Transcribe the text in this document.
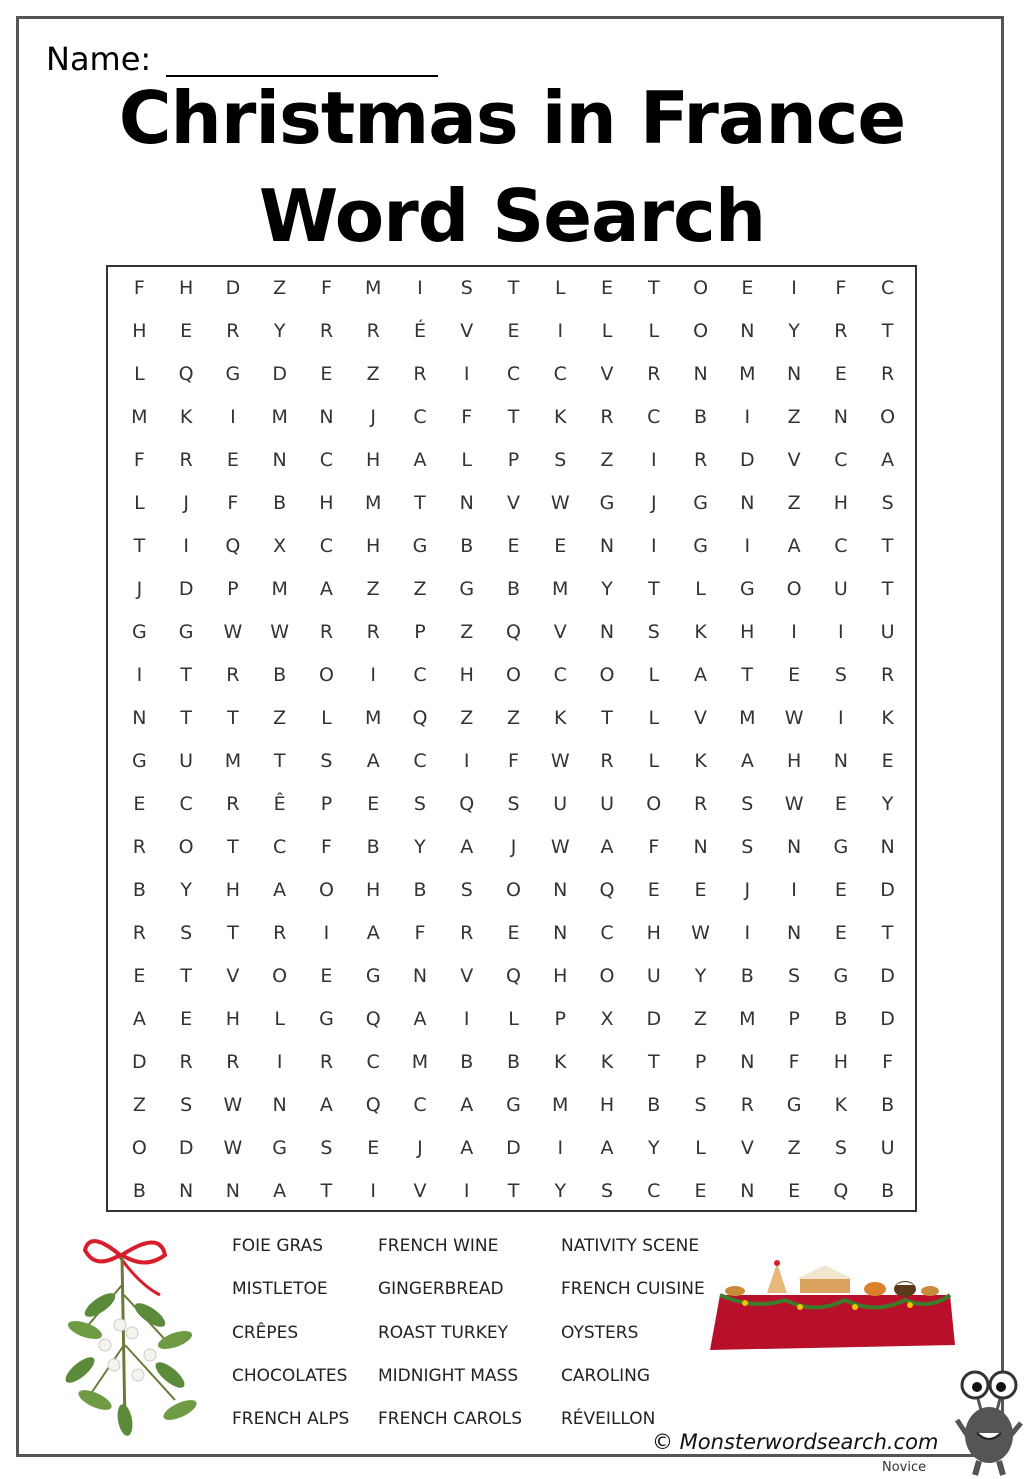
Name:
Christmas in France
Word Search
F	H	D	Z	F	M	I	S	T	L	E	T	O	E	I	F	C
H	E	R	Y	R	R	É	V	E	I	L	L	O	N	Y	R	T
L	Q	G	D	E	Z	R	I	C	C	V	R	N	M	N	E	R
M	K	I	M	N	J	C	F	T	K	R	C	B	I	Z	N	O
F	R	E	N	C	H	A	L	P	S	Z	I	R	D	V	C	A
L	J	F	B	H	M	T	N	V	W	G	J	G	N	Z	H	S
T	I	Q	X	C	H	G	B	E	E	N	I	G	I	A	C	T
J	D	P	M	A	Z	Z	G	B	M	Y	T	L	G	O	U	T
G	G	W	W	R	R	P	Z	Q	V	N	S	K	H	I	I	U
I	T	R	B	O	I	C	H	O	C	O	L	A	T	E	S	R
N	T	T	Z	L	M	Q	Z	Z	K	T	L	V	M	W	I	K
G	U	M	T	S	A	C	I	F	W	R	L	K	A	H	N	E
E	C	R	Ê	P	E	S	Q	S	U	U	O	R	S	W	E	Y
R	O	T	C	F	B	Y	A	J	W	A	F	N	S	N	G	N
B	Y	H	A	O	H	B	S	O	N	Q	E	E	J	I	E	D
R	S	T	R	I	A	F	R	E	N	C	H	W	I	N	E	T
E	T	V	O	E	G	N	V	Q	H	O	U	Y	B	S	G	D
A	E	H	L	G	Q	A	I	L	P	X	D	Z	M	P	B	D
D	R	R	I	R	C	M	B	B	K	K	T	P	N	F	H	F
Z	S	W	N	A	Q	C	A	G	M	H	B	S	R	G	K	B
O	D	W	G	S	E	J	A	D	I	A	Y	L	V	Z	S	U
B	N	N	A	T	I	V	I	T	Y	S	C	E	N	E	Q	B
FOIE GRAS
MISTLETOE
CRÊPES
CHOCOLATES
FRENCH ALPS
FRENCH WINE
GINGERBREAD
ROAST TURKEY
MIDNIGHT MASS
FRENCH CAROLS
NATIVITY SCENE
FRENCH CUISINE
OYSTERS
CAROLING
RÉVEILLON
© Monsterwordsearch.com
Novice
